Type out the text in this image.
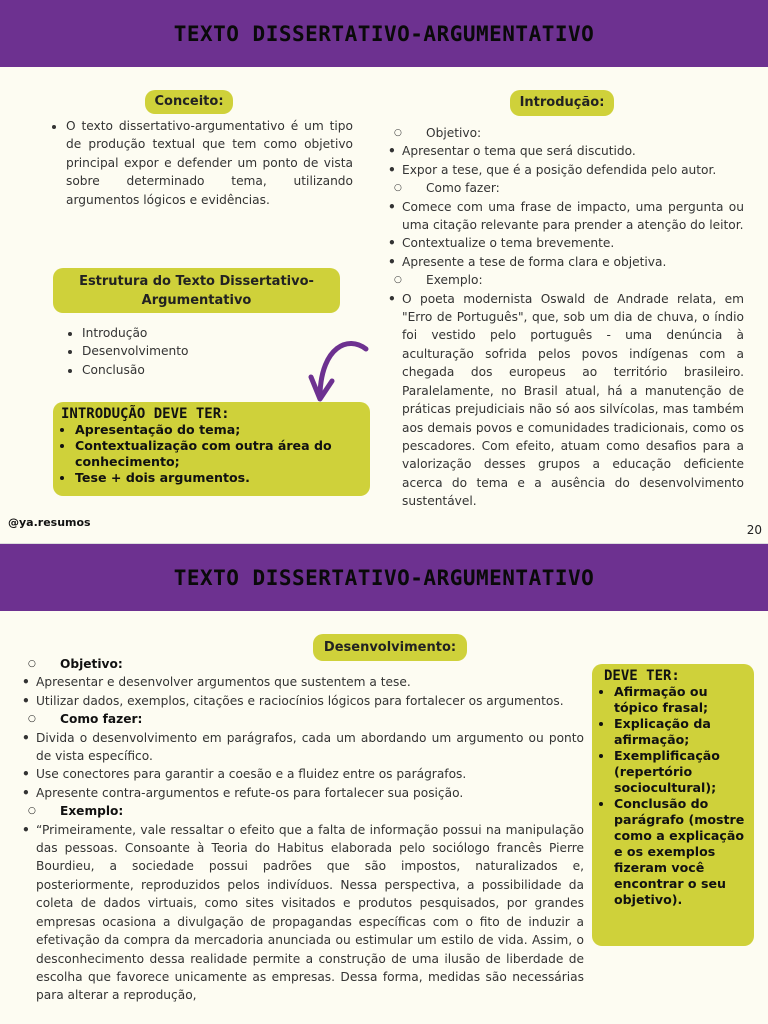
TEXTO DISSERTATIVO-ARGUMENTATIVO
Conceito:
• O texto dissertativo-argumentativo é um tipo de produção textual que tem como objetivo principal expor e defender um ponto de vista sobre determinado tema, utilizando argumentos lógicos e evidências.
Estrutura do Texto Dissertativo-Argumentativo
• Introdução
• Desenvolvimento
• Conclusão
INTRODUÇÃO DEVE TER:
• Apresentação do tema;
• Contextualização com outra área do conhecimento;
• Tese + dois argumentos.
@ya.resumos
Introdução:
○ Objetivo:
• Apresentar o tema que será discutido.
• Expor a tese, que é a posição defendida pelo autor.
○ Como fazer:
• Comece com uma frase de impacto, uma pergunta ou uma citação relevante para prender a atenção do leitor.
• Contextualize o tema brevemente.
• Apresente a tese de forma clara e objetiva.
○ Exemplo:
• O poeta modernista Oswald de Andrade relata, em "Erro de Português", que, sob um dia de chuva, o índio foi vestido pelo português - uma denúncia à aculturação sofrida pelos povos indígenas com a chegada dos europeus ao território brasileiro. Paralelamente, no Brasil atual, há a manutenção de práticas prejudiciais não só aos silvícolas, mas também aos demais povos e comunidades tradicionais, como os pescadores. Com efeito, atuam como desafios para a valorização desses grupos a educação deficiente acerca do tema e a ausência do desenvolvimento sustentável.
20
TEXTO DISSERTATIVO-ARGUMENTATIVO
Desenvolvimento:
○ Objetivo:
• Apresentar e desenvolver argumentos que sustentem a tese.
• Utilizar dados, exemplos, citações e raciocínios lógicos para fortalecer os argumentos.
○ Como fazer:
• Divida o desenvolvimento em parágrafos, cada um abordando um argumento ou ponto de vista específico.
• Use conectores para garantir a coesão e a fluidez entre os parágrafos.
• Apresente contra-argumentos e refute-os para fortalecer sua posição.
○ Exemplo:
• “Primeiramente, vale ressaltar o efeito que a falta de informação possui na manipulação das pessoas. Consoante à Teoria do Habitus elaborada pelo sociólogo francês Pierre Bourdieu, a sociedade possui padrões que são impostos, naturalizados e, posteriormente, reproduzidos pelos indivíduos. Nessa perspectiva, a possibilidade da coleta de dados virtuais, como sites visitados e produtos pesquisados, por grandes empresas ocasiona a divulgação de propagandas específicas com o fito de induzir a efetivação da compra da mercadoria anunciada ou estimular um estilo de vida. Assim, o desconhecimento dessa realidade permite a construção de uma ilusão de liberdade de escolha que favorece unicamente as empresas. Dessa forma, medidas são necessárias para alterar a reprodução,
DEVE TER:
• Afirmação ou tópico frasal;
• Explicação da afirmação;
• Exemplificação (repertório sociocultural);
• Conclusão do parágrafo (mostre como a explicação e os exemplos fizeram você encontrar o seu objetivo).
